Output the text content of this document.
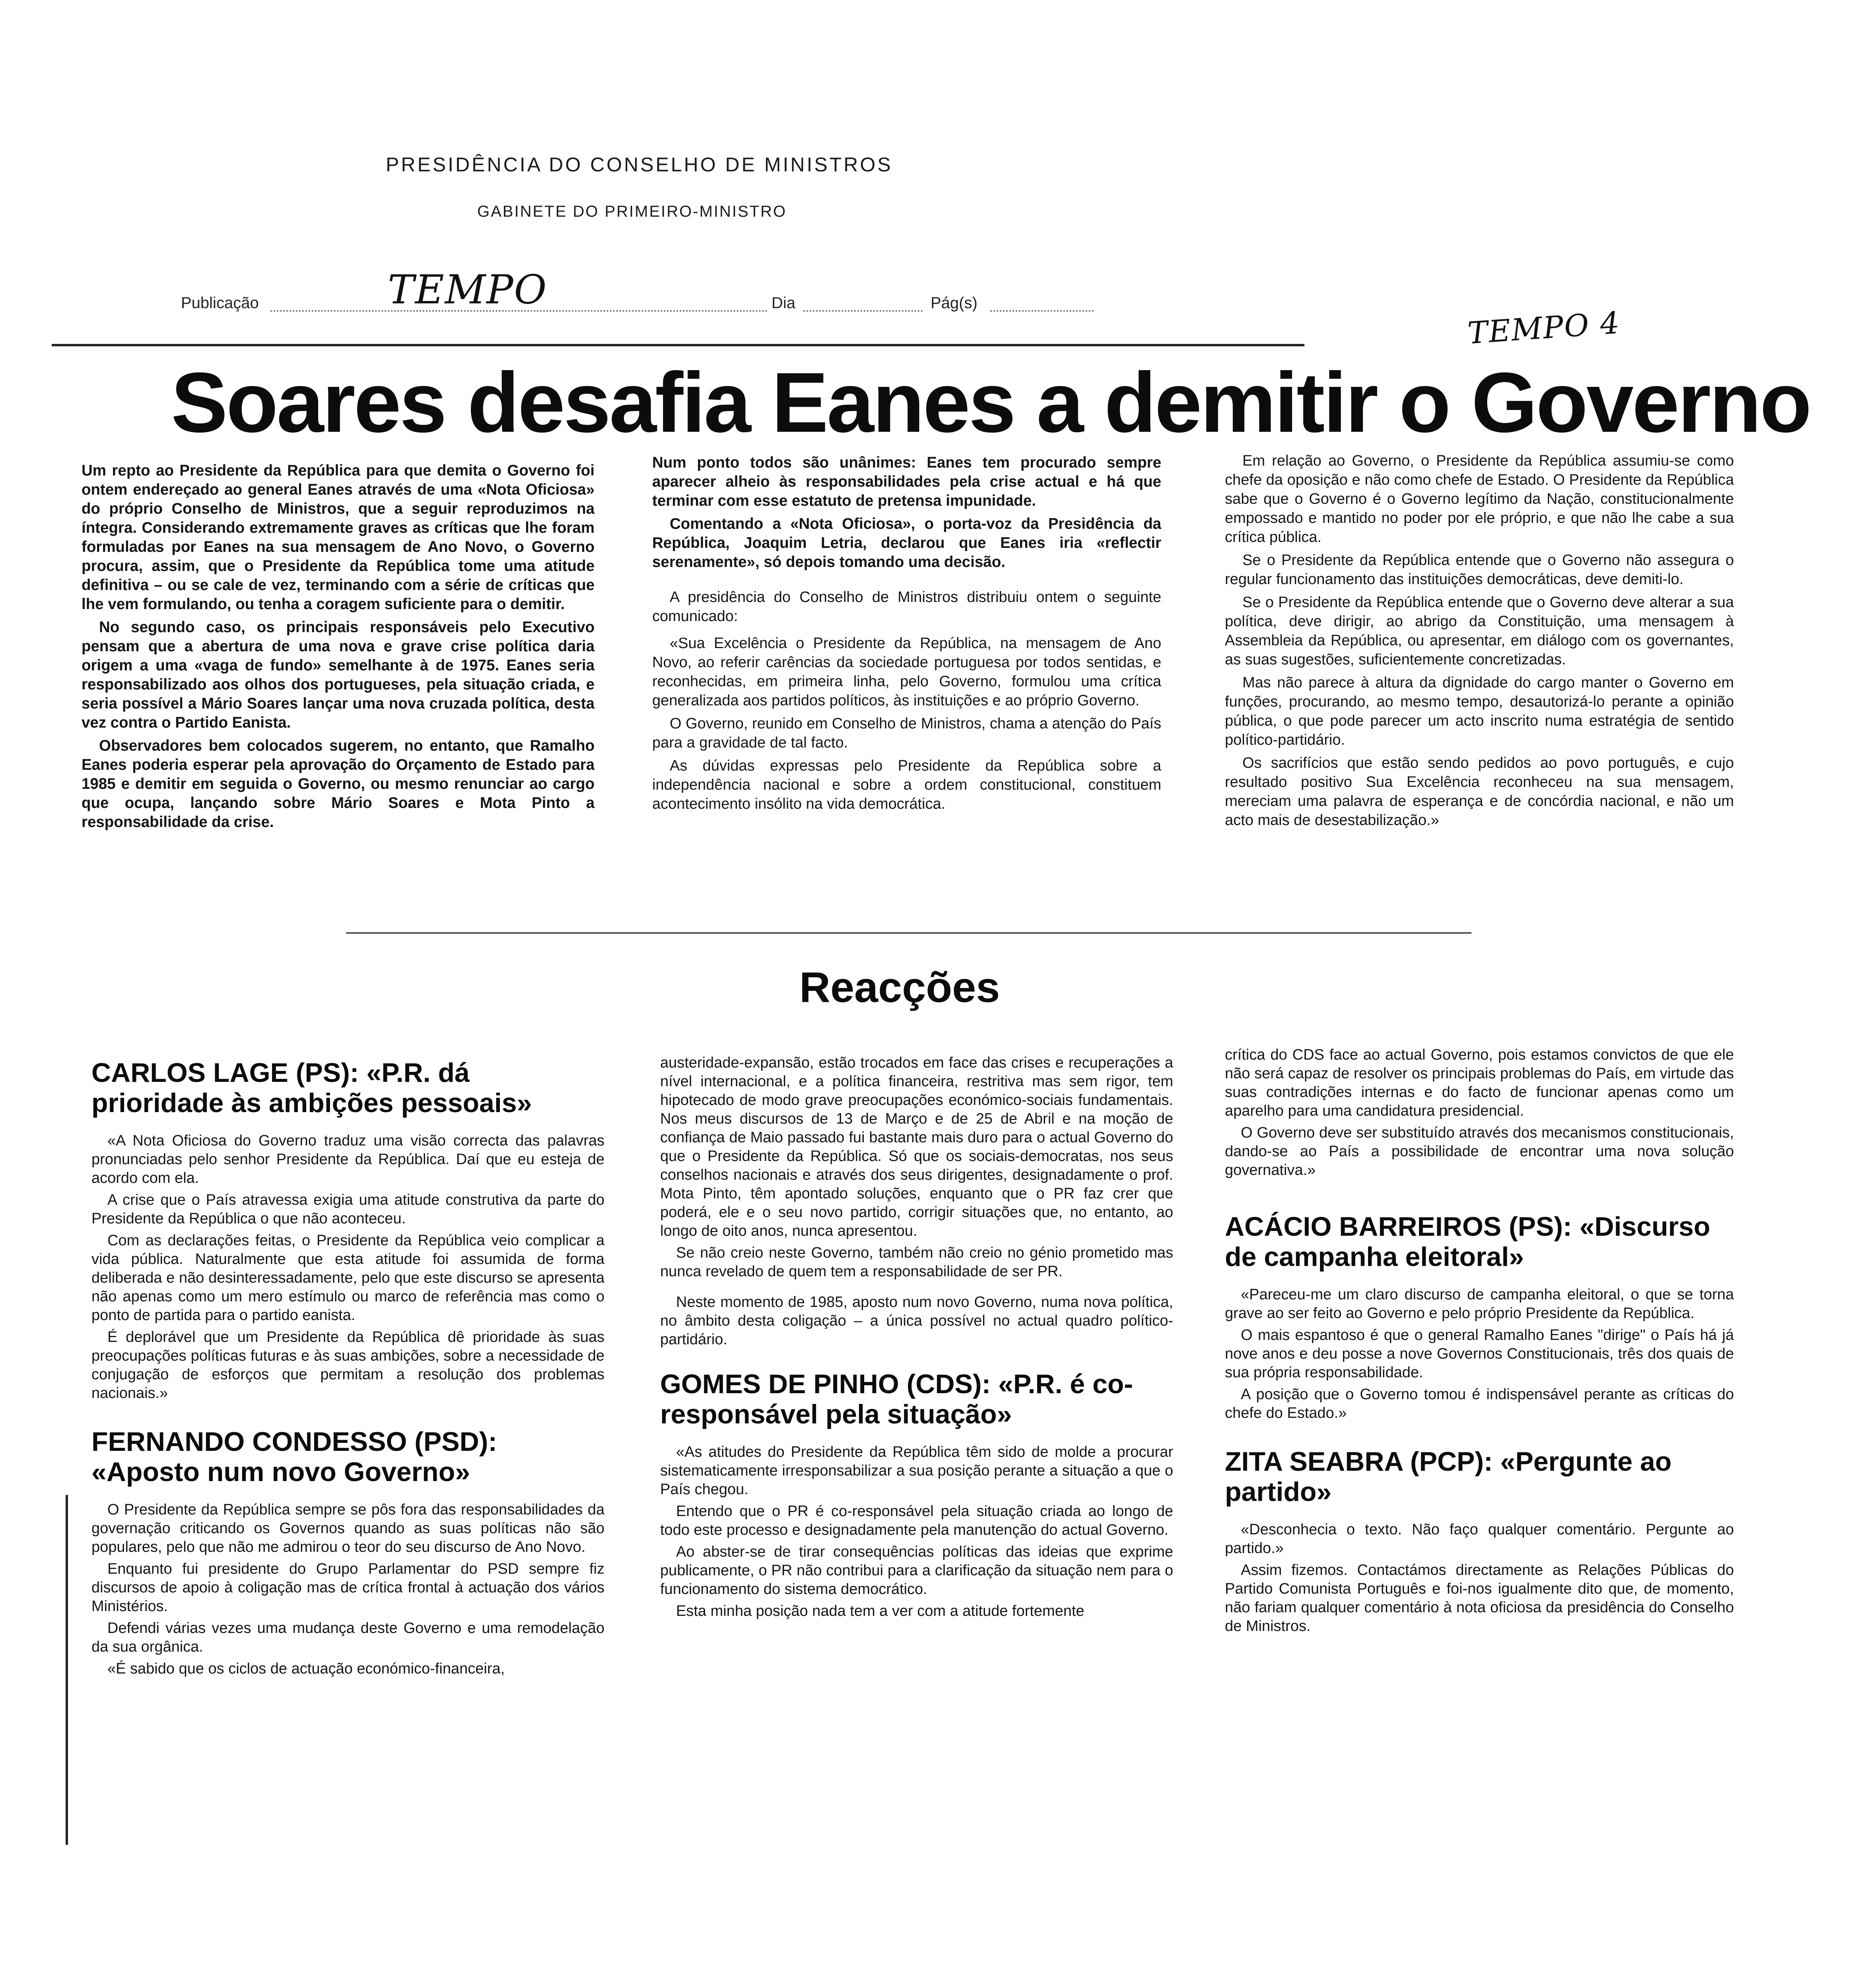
PRESIDÊNCIA DO CONSELHO DE MINISTROS
GABINETE DO PRIMEIRO-MINISTRO
Publicação	TEMPO	Dia	Pág(s)
TEMPO 4
Soares desafia Eanes a demitir o Governo

Um repto ao Presidente da República para que demita o Governo foi ontem endereçado ao general Eanes através de uma «Nota Oficiosa» do próprio Conselho de Ministros, que a seguir reproduzimos na íntegra. Considerando extremamente graves as críticas que lhe foram formuladas por Eanes na sua mensagem de Ano Novo, o Governo procura, assim, que o Presidente da República tome uma atitude definitiva – ou se cale de vez, terminando com a série de críticas que lhe vem formulando, ou tenha a coragem suficiente para o demitir.

No segundo caso, os principais responsáveis pelo Executivo pensam que a abertura de uma nova e grave crise política daria origem a uma «vaga de fundo» semelhante à de 1975. Eanes seria responsabilizado aos olhos dos portugueses, pela situação criada, e seria possível a Mário Soares lançar uma nova cruzada política, desta vez contra o Partido Eanista.

Observadores bem colocados sugerem, no entanto, que Ramalho Eanes poderia esperar pela aprovação do Orçamento de Estado para 1985 e demitir em seguida o Governo, ou mesmo renunciar ao cargo que ocupa, lançando sobre Mário Soares e Mota Pinto a responsabilidade da crise.

Num ponto todos são unânimes: Eanes tem procurado sempre aparecer alheio às responsabilidades pela crise actual e há que terminar com esse estatuto de pretensa impunidade.

Comentando a «Nota Oficiosa», o porta-voz da Presidência da República, Joaquim Letria, declarou que Eanes iria «reflectir serenamente», só depois tomando uma decisão.

A presidência do Conselho de Ministros distribuiu ontem o seguinte comunicado:

«Sua Excelência o Presidente da República, na mensagem de Ano Novo, ao referir carências da sociedade portuguesa por todos sentidas, e reconhecidas, em primeira linha, pelo Governo, formulou uma crítica generalizada aos partidos políticos, às instituições e ao próprio Governo.

O Governo, reunido em Conselho de Ministros, chama a atenção do País para a gravidade de tal facto.

As dúvidas expressas pelo Presidente da República sobre a independência nacional e sobre a ordem constitucional, constituem acontecimento insólito na vida democrática.

Em relação ao Governo, o Presidente da República assumiu-se como chefe da oposição e não como chefe de Estado. O Presidente da República sabe que o Governo é o Governo legítimo da Nação, constitucionalmente empossado e mantido no poder por ele próprio, e que não lhe cabe a sua crítica pública.

Se o Presidente da República entende que o Governo não assegura o regular funcionamento das instituições democráticas, deve demiti-lo.

Se o Presidente da República entende que o Governo deve alterar a sua política, deve dirigir, ao abrigo da Constituição, uma mensagem à Assembleia da República, ou apresentar, em diálogo com os governantes, as suas sugestões, suficientemente concretizadas.

Mas não parece à altura da dignidade do cargo manter o Governo em funções, procurando, ao mesmo tempo, desautorizá-lo perante a opinião pública, o que pode parecer um acto inscrito numa estratégia de sentido político-partidário.

Os sacrifícios que estão sendo pedidos ao povo português, e cujo resultado positivo Sua Excelência reconheceu na sua mensagem, mereciam uma palavra de esperança e de concórdia nacional, e não um acto mais de desestabilização.»

Reacções
CARLOS LAGE (PS): «P.R. dá prioridade às ambições pessoais»

«A Nota Oficiosa do Governo traduz uma visão correcta das palavras pronunciadas pelo senhor Presidente da República. Daí que eu esteja de acordo com ela.

A crise que o País atravessa exigia uma atitude construtiva da parte do Presidente da República o que não aconteceu.

Com as declarações feitas, o Presidente da República veio complicar a vida pública. Naturalmente que esta atitude foi assumida de forma deliberada e não desinteressadamente, pelo que este discurso se apresenta não apenas como um mero estímulo ou marco de referência mas como o ponto de partida para o partido eanista.

É deplorável que um Presidente da República dê prioridade às suas preocupações políticas futuras e às suas ambições, sobre a necessidade de conjugação de esforços que permitam a resolução dos problemas nacionais.»

FERNANDO CONDESSO (PSD): «Aposto num novo Governo»

O Presidente da República sempre se pôs fora das responsabilidades da governação criticando os Governos quando as suas políticas não são populares, pelo que não me admirou o teor do seu discurso de Ano Novo.

Enquanto fui presidente do Grupo Parlamentar do PSD sempre fiz discursos de apoio à coligação mas de crítica frontal à actuação dos vários Ministérios.

Defendi várias vezes uma mudança deste Governo e uma remodelação da sua orgânica.

«É sabido que os ciclos de actuação económico-financeira,

austeridade-expansão, estão trocados em face das crises e recuperações a nível internacional, e a política financeira, restritiva mas sem rigor, tem hipotecado de modo grave preocupações económico-sociais fundamentais. Nos meus discursos de 13 de Março e de 25 de Abril e na moção de confiança de Maio passado fui bastante mais duro para o actual Governo do que o Presidente da República. Só que os sociais-democratas, nos seus conselhos nacionais e através dos seus dirigentes, designadamente o prof. Mota Pinto, têm apontado soluções, enquanto que o PR faz crer que poderá, ele e o seu novo partido, corrigir situações que, no entanto, ao longo de oito anos, nunca apresentou.

Se não creio neste Governo, também não creio no génio prometido mas nunca revelado de quem tem a responsabilidade de ser PR.

Neste momento de 1985, aposto num novo Governo, numa nova política, no âmbito desta coligação – a única possível no actual quadro político-partidário.

GOMES DE PINHO (CDS): «P.R. é co-responsável pela situação»

«As atitudes do Presidente da República têm sido de molde a procurar sistematicamente irresponsabilizar a sua posição perante a situação a que o País chegou.

Entendo que o PR é co-responsável pela situação criada ao longo de todo este processo e designadamente pela manutenção do actual Governo.

Ao abster-se de tirar consequências políticas das ideias que exprime publicamente, o PR não contribui para a clarificação da situação nem para o funcionamento do sistema democrático.

Esta minha posição nada tem a ver com a atitude fortemente

crítica do CDS face ao actual Governo, pois estamos convictos de que ele não será capaz de resolver os principais problemas do País, em virtude das suas contradições internas e do facto de funcionar apenas como um aparelho para uma candidatura presidencial.

O Governo deve ser substituído através dos mecanismos constitucionais, dando-se ao País a possibilidade de encontrar uma nova solução governativa.»

ACÁCIO BARREIROS (PS): «Discurso de campanha eleitoral»

«Pareceu-me um claro discurso de campanha eleitoral, o que se torna grave ao ser feito ao Governo e pelo próprio Presidente da República.

O mais espantoso é que o general Ramalho Eanes "dirige" o País há já nove anos e deu posse a nove Governos Constitucionais, três dos quais de sua própria responsabilidade.

A posição que o Governo tomou é indispensável perante as críticas do chefe do Estado.»

ZITA SEABRA (PCP): «Pergunte ao partido»

«Desconhecia o texto. Não faço qualquer comentário. Pergunte ao partido.»

Assim fizemos. Contactámos directamente as Relações Públicas do Partido Comunista Português e foi-nos igualmente dito que, de momento, não fariam qualquer comentário à nota oficiosa da presidência do Conselho de Ministros.
